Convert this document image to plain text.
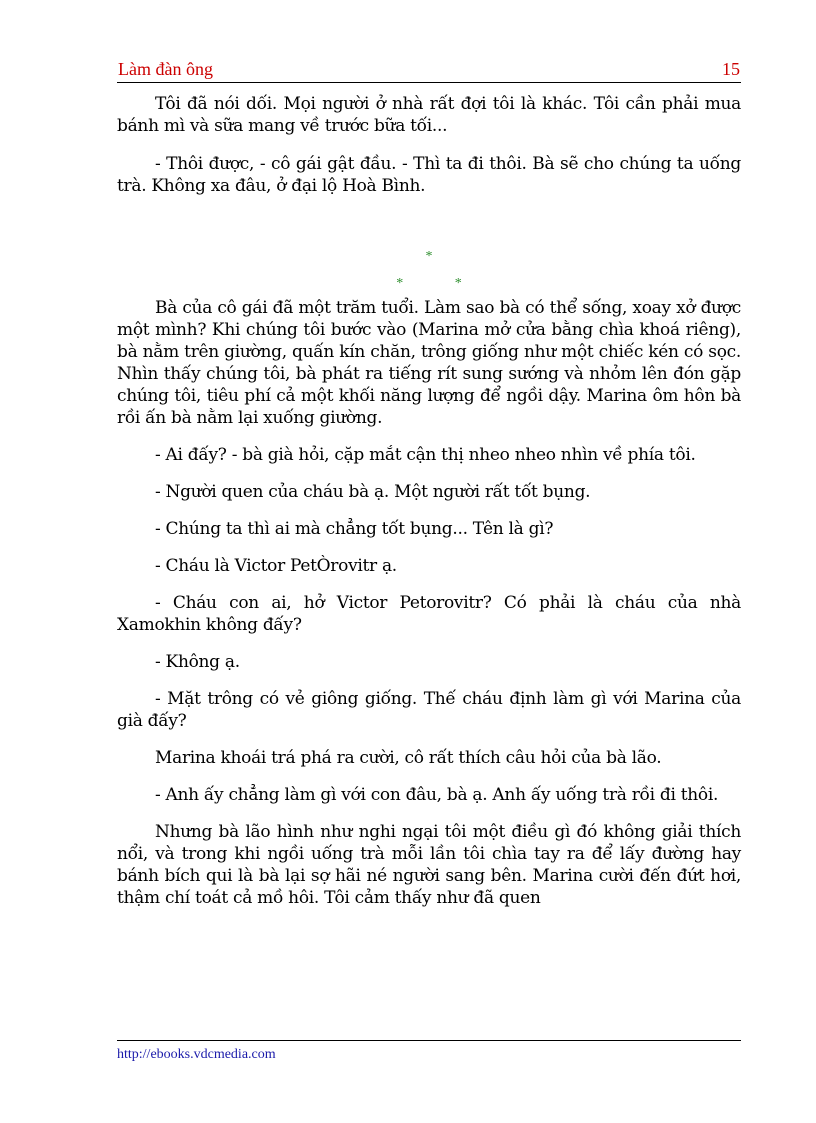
Làm đàn ông	15

Tôi đã nói dối. Mọi người ở nhà rất đợi tôi là khác. Tôi cần phải mua bánh mì và sữa mang về trước bữa tối...

- Thôi được, - cô gái gật đầu. - Thì ta đi thôi. Bà sẽ cho chúng ta uống trà. Không xa đâu, ở đại lộ Hoà Bình.

Bà của cô gái đã một trăm tuổi. Làm sao bà có thể sống, xoay xở được một mình? Khi chúng tôi bước vào (Marina mở cửa bằng chìa khoá riêng), bà nằm trên giường, quấn kín chăn, trông giống như một chiếc kén có sọc. Nhìn thấy chúng tôi, bà phát ra tiếng rít sung sướng và nhỏm lên đón gặp chúng tôi, tiêu phí cả một khối năng lượng để ngồi dậy. Marina ôm hôn bà rồi ấn bà nằm lại xuống giường.

- Ai đấy? - bà già hỏi, cặp mắt cận thị nheo nheo nhìn về phía tôi.

- Người quen của cháu bà ạ. Một người rất tốt bụng.

- Chúng ta thì ai mà chẳng tốt bụng... Tên là gì?

- Cháu là Victor PetÒrovitr ạ.

- Cháu con ai, hở Victor Petorovitr? Có phải là cháu của nhà Xamokhin không đấy?

- Không ạ.

- Mặt trông có vẻ giông giống. Thế cháu định làm gì với Marina của già đấy?

Marina khoái trá phá ra cười, cô rất thích câu hỏi của bà lão.

- Anh ấy chẳng làm gì với con đâu, bà ạ. Anh ấy uống trà rồi đi thôi.

Nhưng bà lão hình như nghi ngại tôi một điều gì đó không giải thích nổi, và trong khi ngồi uống trà mỗi lần tôi chìa tay ra để lấy đường hay bánh bích qui là bà lại sợ hãi né người sang bên. Marina cười đến đứt hơi, thậm chí toát cả mồ hôi. Tôi cảm thấy như đã quen

*
*	*
http://ebooks.vdcmedia.com
